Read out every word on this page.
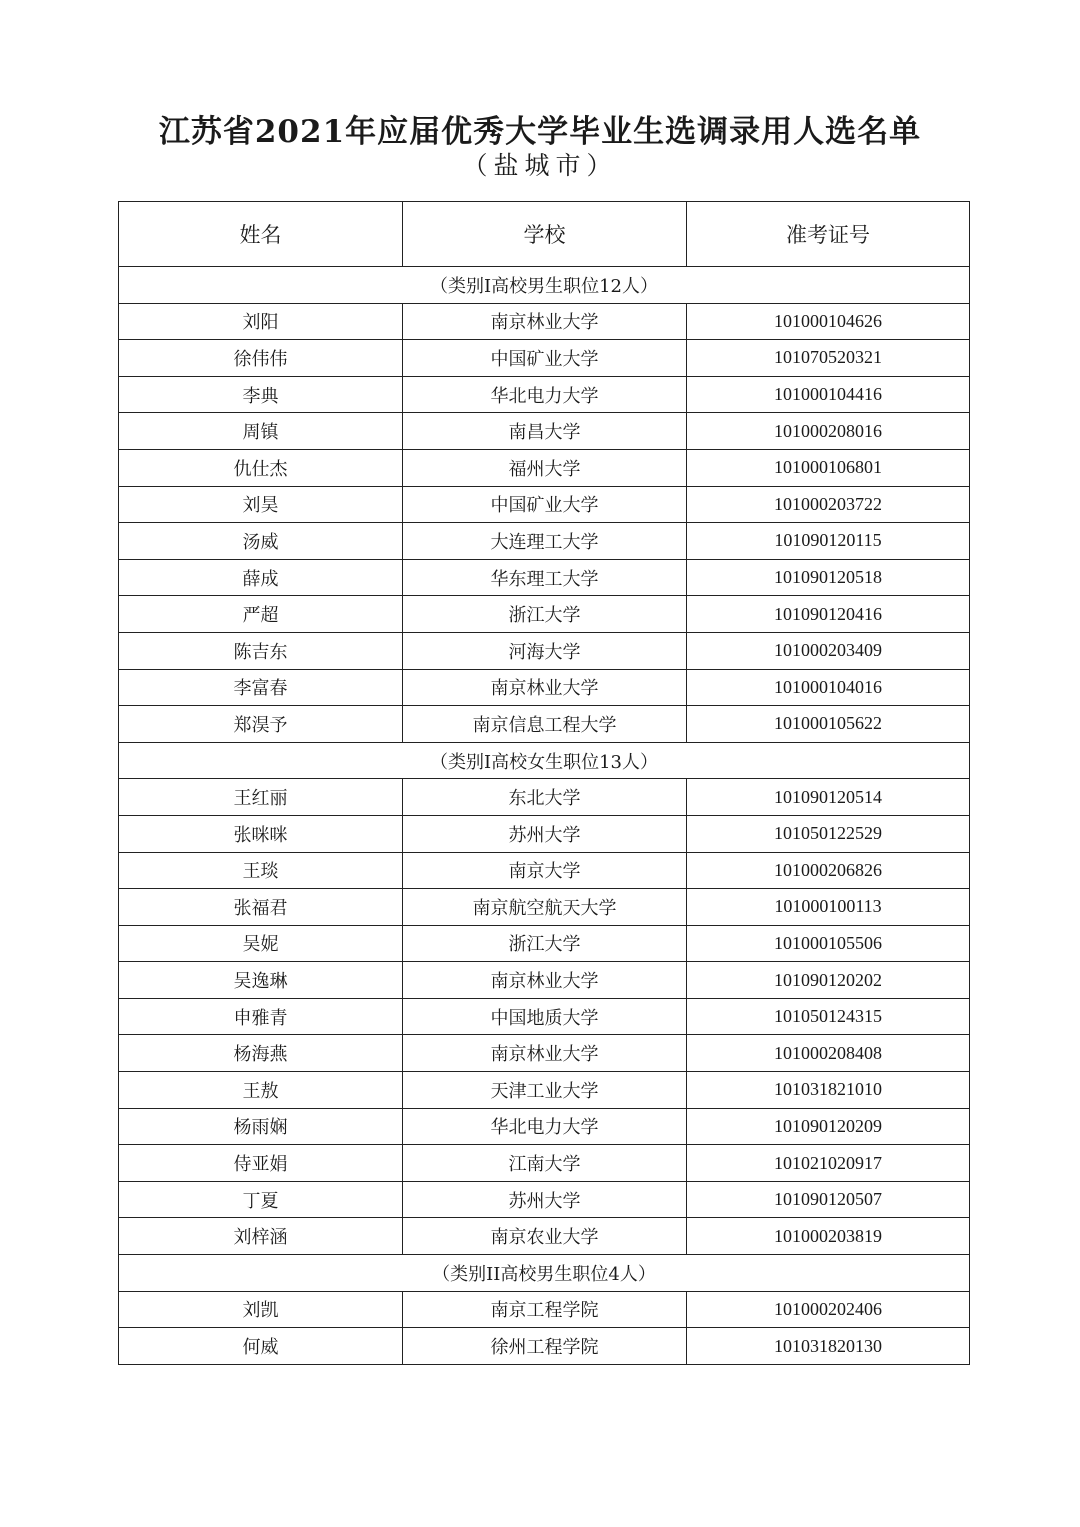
江苏省2021年应届优秀大学毕业生选调录用人选名单
（盐城市）
姓名	学校	准考证号
（类别I高校男生职位12人）		
刘阳	南京林业大学	101000104626
徐伟伟	中国矿业大学	101070520321
李典	华北电力大学	101000104416
周镇	南昌大学	101000208016
仇仕杰	福州大学	101000106801
刘昊	中国矿业大学	101000203722
汤威	大连理工大学	101090120115
薛成	华东理工大学	101090120518
严超	浙江大学	101090120416
陈吉东	河海大学	101000203409
李富春	南京林业大学	101000104016
郑淏予	南京信息工程大学	101000105622
（类别I高校女生职位13人）		
王红丽	东北大学	101090120514
张咪咪	苏州大学	101050122529
王琰	南京大学	101000206826
张福君	南京航空航天大学	101000100113
吴妮	浙江大学	101000105506
吴逸琳	南京林业大学	101090120202
申雅青	中国地质大学	101050124315
杨海燕	南京林业大学	101000208408
王敖	天津工业大学	101031821010
杨雨娴	华北电力大学	101090120209
侍亚娟	江南大学	101021020917
丁夏	苏州大学	101090120507
刘梓涵	南京农业大学	101000203819
（类别II高校男生职位4人）		
刘凯	南京工程学院	101000202406
何威	徐州工程学院	101031820130
